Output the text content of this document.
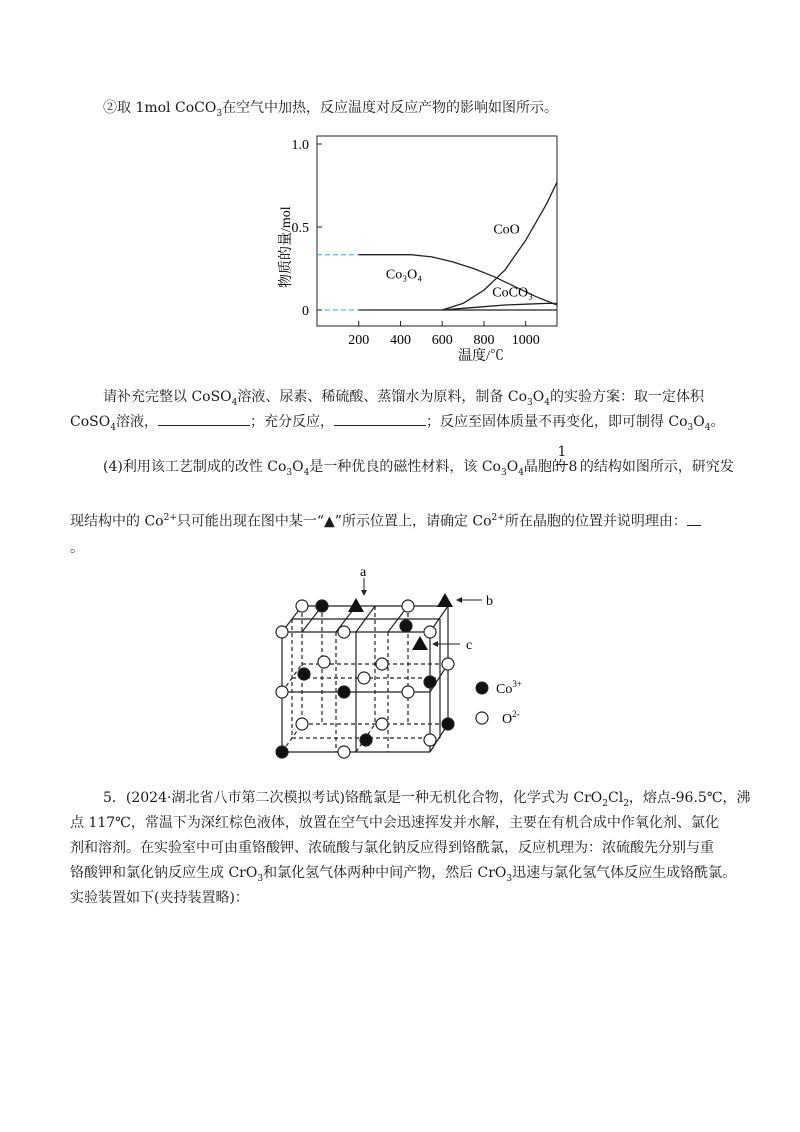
②取 1mol CoCO$_3$在空气中加热，反应温度对反应产物的影响如图所示。
物质的量/mol
1.0
0.5
0
200 400 600 800 1000
CoO
Co₃O₄
CoCO₃
温度/℃
请补充完整以 CoSO$_4$溶液、尿素、稀硫酸、蒸馏水为原料，制备 $Co_3O_4$的实验方案：取一定体积
CoSO$_4$溶液，	；充分反应，	；反应至固体质量不再变化，即可制得 $Co_3O_4$。
1
(4)利用该工艺制成的改性 $Co_3O_4$是一种优良的磁性材料，该 $Co_3O_4$晶胞的 8 的结构如图所示，研究发
现结构中的 $Co^{2+}$只可能出现在图中某一“▲”所示位置上，请确定 $Co^{2+}$所在晶胞的位置并说明理由：
。
a
b
c
$Co^{3+}$
$O^{2-}$
5．(2024·湖北省八市第二次模拟考试)铬酰氯是一种无机化合物，化学式为 $CrO_2Cl_2$，熔点-96.5℃，沸
点 117℃，常温下为深红棕色液体，放置在空气中会迅速挥发并水解，主要在有机合成中作氧化剂、氯化
剂和溶剂。在实验室中可由重铬酸钾、浓硫酸与氯化钠反应得到铬酰氯，反应机理为：浓硫酸先分别与重
铬酸钾和氯化钠反应生成 CrO$_3$和氯化氢气体两种中间产物，然后 CrO$_3$迅速与氯化氢气体反应生成铬酰氯。
实验装置如下(夹持装置略)：
